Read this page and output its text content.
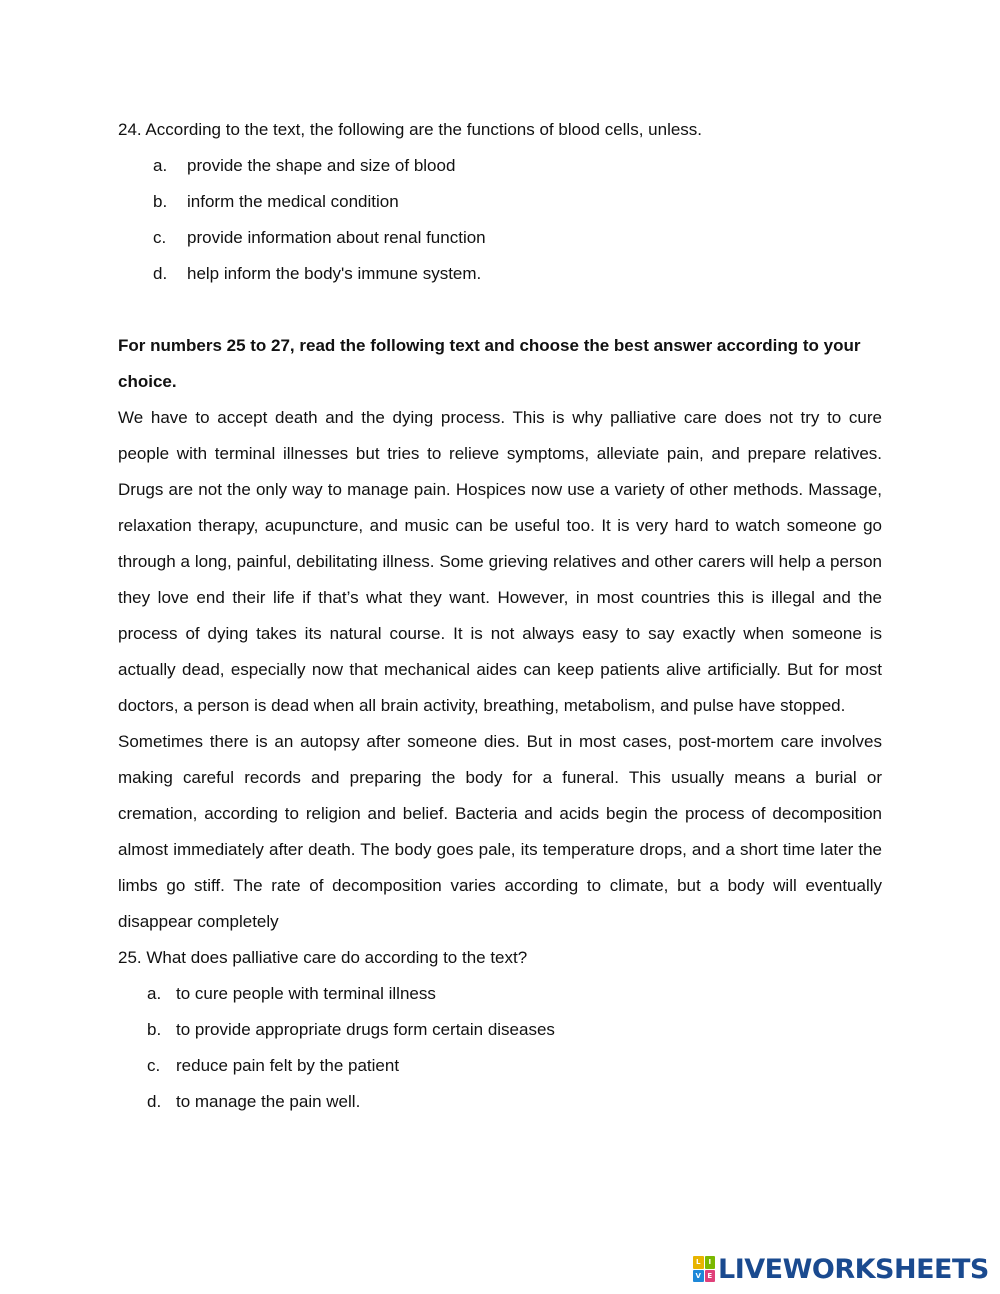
24. According to the text, the following are the functions of blood cells, unless.

a.	provide the shape and size of blood
b.	inform the medical condition
c.	provide information about renal function
d.	help inform the body's immune system.

For numbers 25 to 27, read the following text and choose the best answer according to your

choice.

We have to accept death and the dying process. This is why palliative care does not try to cure people with terminal illnesses but tries to relieve symptoms, alleviate pain, and prepare relatives. Drugs are not the only way to manage pain. Hospices now use a variety of other methods. Massage, relaxation therapy, acupuncture, and music can be useful too. It is very hard to watch someone go through a long, painful, debilitating illness. Some grieving relatives and other carers will help a person they love end their life if that’s what they want. However, in most countries this is illegal and the process of dying takes its natural course. It is not always easy to say exactly when someone is actually dead, especially now that mechanical aides can keep patients alive artificially. But for most doctors, a person is dead when all brain activity, breathing, metabolism, and pulse have stopped.

Sometimes there is an autopsy after someone dies. But in most cases, post-mortem care involves making careful records and preparing the body for a funeral. This usually means a burial or cremation, according to religion and belief. Bacteria and acids begin the process of decomposition almost immediately after death. The body goes pale, its temperature drops, and a short time later the limbs go stiff. The rate of decomposition varies according to climate, but a body will eventually disappear completely

25. What does palliative care do according to the text?

a. to cure people with terminal illness
b. to provide appropriate drugs form certain diseases
c. reduce pain felt by the patient
d. to manage the pain well.
L	I
V E LIVEWORKSHEETS
